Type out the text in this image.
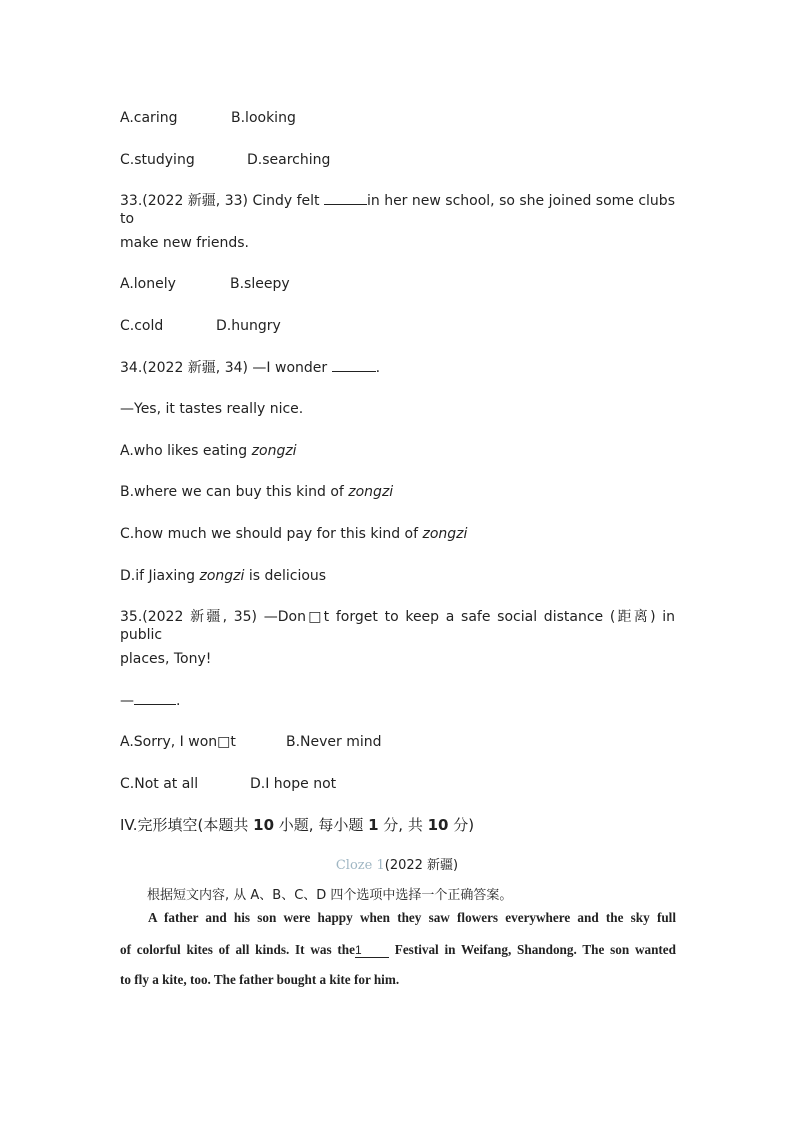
A.caring	B.looking
C.studying	D.searching
33.(2022 新疆, 33) Cindy felt	in her new school, so she joined some clubs to
make new friends.
A.lonely	B.sleepy
C.cold	D.hungry
34.(2022 新疆, 34) —I wonder	.
—Yes, it tastes really nice.
A.who likes eating zongzi
B.where we can buy this kind of zongzi
C.how much we should pay for this kind of zongzi
D.if Jiaxing zongzi is delicious
35.(2022 新疆, 35) —Don□t forget to keep a safe social distance (距离) in public
places, Tony!
—	.
A.Sorry, I won□t	B.Never mind
C.Not at all	D.I hope not
IV.完形填空(本题共 10 小题, 每小题 1 分, 共 10 分)
Cloze 1(2022 新疆)
根据短文内容, 从 A、B、C、D 四个选项中选择一个正确答案。
A father and his son were happy when they saw flowers everywhere and the sky full
of colorful kites of all kinds. It was the1 Festival in Weifang, Shandong. The son wanted
to fly a kite, too. The father bought a kite for him.
